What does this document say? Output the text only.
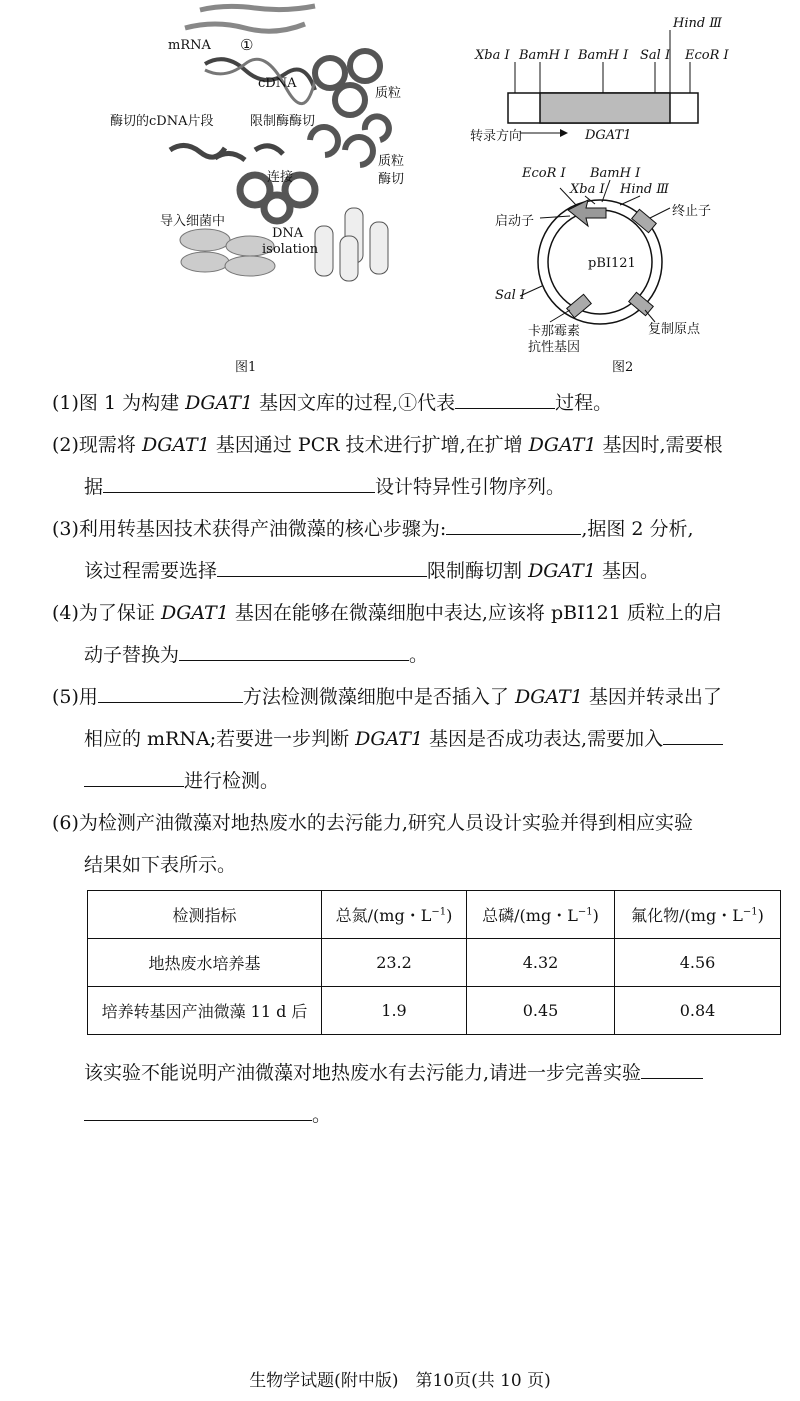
mRNA ①
cDNA
质粒
酶切的cDNA片段	限制酶酶切
质粒
酶切
连接
导入细菌中
DNA
isolation
图1
Xba Ⅰ BamH Ⅰ BamH Ⅰ Sal Ⅰ
Hind Ⅲ
EcoR Ⅰ
转录方向	DGAT1
EcoR Ⅰ BamH Ⅰ
Xba Ⅰ Hind Ⅲ
Sal Ⅰ
pBI121
启动子
终止子
卡那霉素
抗性基因
复制原点
图2
(1)图 1 为构建 DGAT1 基因文库的过程,①代表	过程。
(2)现需将 DGAT1 基因通过 PCR 技术进行扩增,在扩增 DGAT1 基因时,需要根
据	设计特异性引物序列。
(3)利用转基因技术获得产油微藻的核心步骤为:	,据图 2 分析,
该过程需要选择	限制酶切割 DGAT1 基因。
(4)为了保证 DGAT1 基因在能够在微藻细胞中表达,应该将 pBI121 质粒上的启
动子替换为	。
(5)用	方法检测微藻细胞中是否插入了 DGAT1 基因并转录出了
相应的 mRNA;若要进一步判断 DGAT1 基因是否成功表达,需要加入
进行检测。
(6)为检测产油微藻对地热废水的去污能力,研究人员设计实验并得到相应实验
结果如下表所示。
检测指标	总氮/(mg・$L^{-1}$)	总磷/(mg・$L^{-1}$)	氟化物/(mg・$L^{-1}$)
地热废水培养基	23.2	4.32	4.56
培养转基因产油微藻 11 d 后	1.9	0.45	0.84
该实验不能说明产油微藻对地热废水有去污能力,请进一步完善实验
。
生物学试题(附中版)　第10页(共 10 页)
